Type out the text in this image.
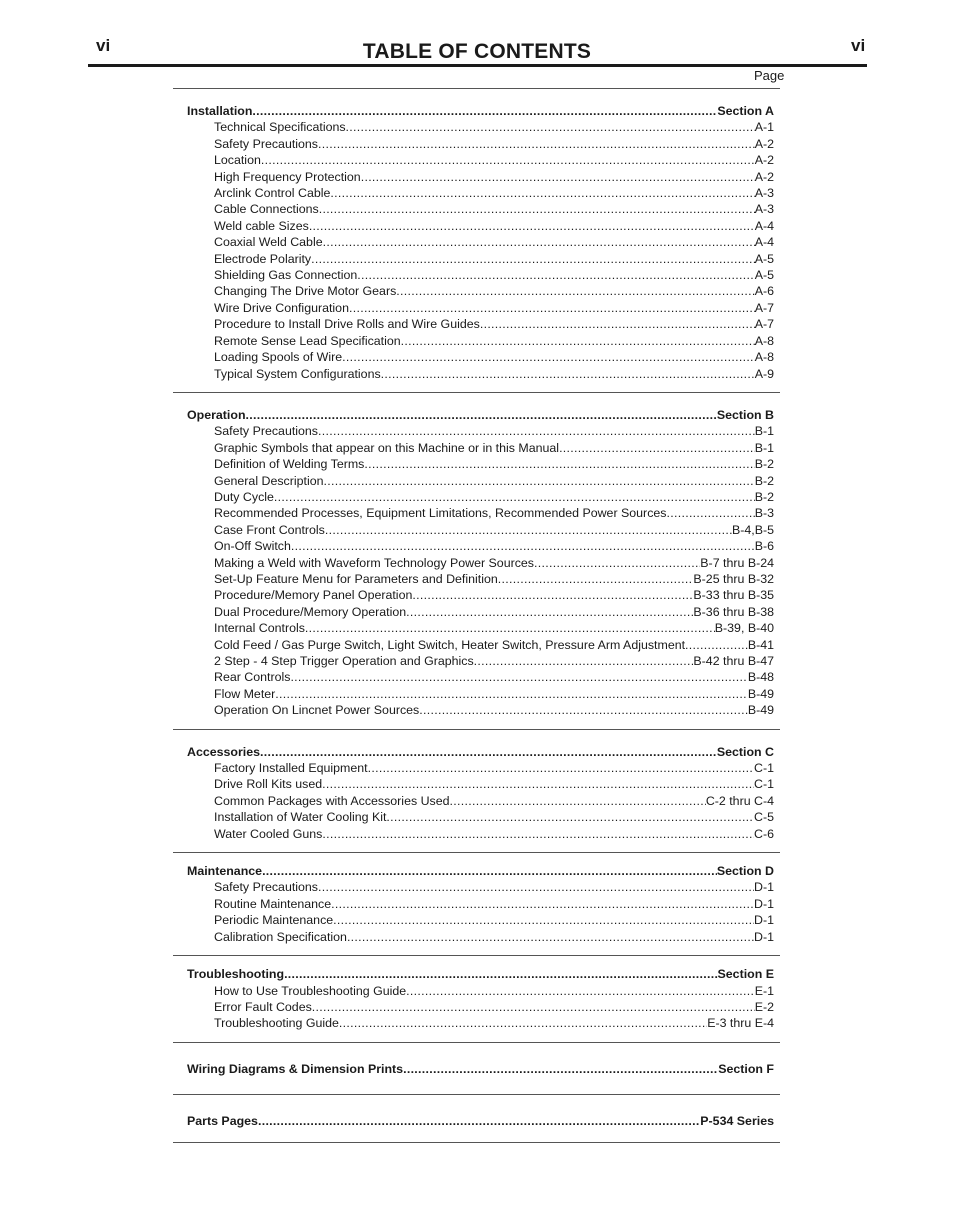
vi	TABLE OF CONTENTS	vi
Page
Installation .....	Section A
Technical Specifications .....	A-1
Safety Precautions .....	A-2
Location .....	A-2
High Frequency Protection .....	A-2
Arclink Control Cable .....	A-3
Cable Connections .....	A-3
Weld cable Sizes .....	A-4
Coaxial Weld Cable .....	A-4
Electrode Polarity .....	A-5
Shielding Gas Connection .....	A-5
Changing The Drive Motor Gears .....	A-6
Wire Drive Configuration .....	A-7
Procedure to Install Drive Rolls and Wire Guides .....	A-7
Remote Sense Lead Specification .....	A-8
Loading Spools of Wire .....	A-8
Typical System Configurations .....	A-9
Operation .....	Section B
Safety Precautions .....	B-1
Graphic Symbols that appear on this Machine or in this Manual .....	B-1
Definition of Welding Terms .....	B-2
General Description .....	B-2
Duty Cycle .....	B-2
Recommended Processes, Equipment Limitations, Recommended Power Sources .....	B-3
Case Front Controls .....	B-4,B-5
On-Off Switch .....	B-6
Making a Weld with Waveform Technology Power Sources .....	B-7 thru B-24
Set-Up Feature Menu for Parameters and Definition .....	B-25 thru B-32
Procedure/Memory Panel Operation .....	B-33 thru B-35
Dual Procedure/Memory Operation .....	B-36 thru B-38
Internal Controls .....	B-39, B-40
Cold Feed / Gas Purge Switch, Light Switch, Heater Switch, Pressure Arm Adjustment .....	B-41
2 Step - 4 Step Trigger Operation and Graphics .....	B-42 thru B-47
Rear Controls .....	B-48
Flow Meter .....	B-49
Operation On Lincnet Power Sources .....	B-49
Accessories .....	Section C
Factory Installed Equipment .....	C-1
Drive Roll Kits used .....	C-1
Common Packages with Accessories Used .....	C-2 thru C-4
Installation of Water Cooling Kit .....	C-5
Water Cooled Guns .....	C-6
Maintenance .....	Section D
Safety Precautions .....	D-1
Routine Maintenance .....	D-1
Periodic Maintenance .....	D-1
Calibration Specification .....	D-1
Troubleshooting .....	Section E
How to Use Troubleshooting Guide .....	E-1
Error Fault Codes .....	E-2
Troubleshooting Guide .....	E-3 thru E-4
Wiring Diagrams & Dimension Prints .....	Section F
Parts Pages .....	P-534 Series
